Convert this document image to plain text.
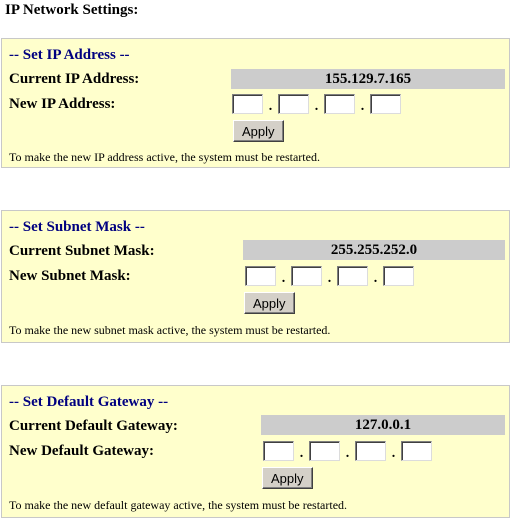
IP Network Settings:
-- Set IP Address --
Current IP Address:	155.129.7.165
New IP Address:	.	.	.
Apply
To make the new IP address active, the system must be restarted.
-- Set Subnet Mask --
Current Subnet Mask:	255.255.252.0
New Subnet Mask:	.	.	.
Apply
To make the new subnet mask active, the system must be restarted.
-- Set Default Gateway --
Current Default Gateway:	127.0.0.1
New Default Gateway:	.	.	.
Apply
To make the new default gateway active, the system must be restarted.
